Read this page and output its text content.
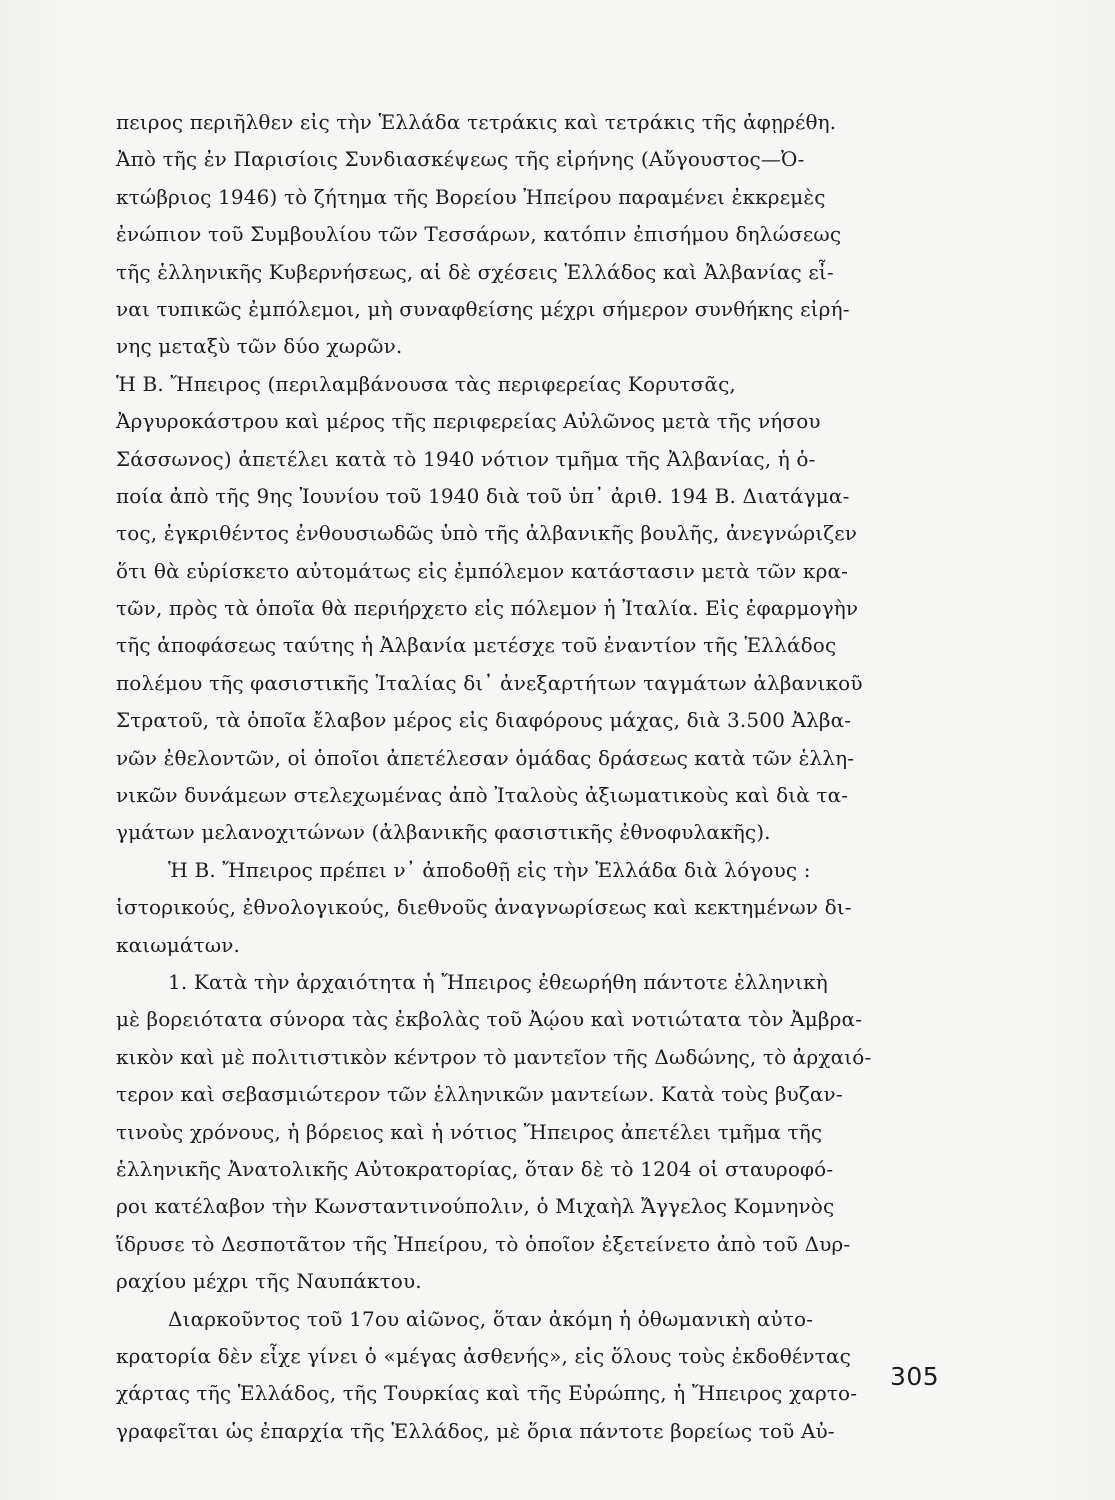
πειρος περιῆλθεν εἰς τὴν Ἑλλάδα τετράκις καὶ τετράκις τῆς ἀφῃρέθη.
Ἀπὸ τῆς ἐν Παρισίοις Συνδιασκέψεως τῆς εἰρήνης (Αὔγουστος—Ὀ-
κτώβριος 1946) τὸ ζήτημα τῆς Βορείου Ἠπείρου παραμένει ἐκκρεμὲς
ἐνώπιον τοῦ Συμβουλίου τῶν Τεσσάρων, κατόπιν ἐπισήμου δηλώσεως
τῆς ἑλληνικῆς Κυβερνήσεως, αἱ δὲ σχέσεις Ἑλλάδος καὶ Ἀλβανίας εἶ-
ναι τυπικῶς ἐμπόλεμοι, μὴ συναφθείσης μέχρι σήμερον συνθήκης εἰρή-
νης μεταξὺ τῶν δύο χωρῶν.
Ἡ Β. Ἤπειρος (περιλαμβάνουσα τὰς περιφερείας Κορυτσᾶς,
Ἀργυροκάστρου καὶ μέρος τῆς περιφερείας Αὐλῶνος μετὰ τῆς νήσου
Σάσσωνος) ἀπετέλει κατὰ τὸ 1940 νότιον τμῆμα τῆς Ἀλβανίας, ἡ ὁ-
ποία ἀπὸ τῆς 9ης Ἰουνίου τοῦ 1940 διὰ τοῦ ὑπ᾽ ἀριθ. 194 Β. Διατάγμα-
τος, ἐγκριθέντος ἐνθουσιωδῶς ὑπὸ τῆς ἀλβανικῆς βουλῆς, ἀνεγνώριζεν
ὅτι θὰ εὑρίσκετο αὐτομάτως εἰς ἐμπόλεμον κατάστασιν μετὰ τῶν κρα-
τῶν, πρὸς τὰ ὁποῖα θὰ περιήρχετο εἰς πόλεμον ἡ Ἰταλία. Εἰς ἐφαρμογὴν
τῆς ἀποφάσεως ταύτης ἡ Ἀλβανία μετέσχε τοῦ ἐναντίον τῆς Ἑλλάδος
πολέμου τῆς φασιστικῆς Ἰταλίας δι᾽ ἀνεξαρτήτων ταγμάτων ἀλβανικοῦ
Στρατοῦ, τὰ ὁποῖα ἔλαβον μέρος εἰς διαφόρους μάχας, διὰ 3.500 Ἀλβα-
νῶν ἐθελοντῶν, οἱ ὁποῖοι ἀπετέλεσαν ὁμάδας δράσεως κατὰ τῶν ἑλλη-
νικῶν δυνάμεων στελεχωμένας ἀπὸ Ἰταλοὺς ἀξιωματικοὺς καὶ διὰ τα-
γμάτων μελανοχιτώνων (ἀλβανικῆς φασιστικῆς ἐθνοφυλακῆς).
Ἡ Β. Ἤπειρος πρέπει ν᾽ ἀποδοθῇ εἰς τὴν Ἑλλάδα διὰ λόγους :
ἱστορικούς, ἐθνολογικούς, διεθνοῦς ἀναγνωρίσεως καὶ κεκτημένων δι-
καιωμάτων.
1. Κατὰ τὴν ἀρχαιότητα ἡ Ἤπειρος ἐθεωρήθη πάντοτε ἑλληνικὴ
μὲ βορειότατα σύνορα τὰς ἐκβολὰς τοῦ Ἀῴου καὶ νοτιώτατα τὸν Ἀμβρα-
κικὸν καὶ μὲ πολιτιστικὸν κέντρον τὸ μαντεῖον τῆς Δωδώνης, τὸ ἀρχαιό-
τερον καὶ σεβασμιώτερον τῶν ἑλληνικῶν μαντείων. Κατὰ τοὺς βυζαν-
τινοὺς χρόνους, ἡ βόρειος καὶ ἡ νότιος Ἤπειρος ἀπετέλει τμῆμα τῆς
ἑλληνικῆς Ἀνατολικῆς Αὐτοκρατορίας, ὅταν δὲ τὸ 1204 οἱ σταυροφό-
ροι κατέλαβον τὴν Κωνσταντινούπολιν, ὁ Μιχαὴλ Ἄγγελος Κομνηνὸς
ἵδρυσε τὸ Δεσποτᾶτον τῆς Ἠπείρου, τὸ ὁποῖον ἐξετείνετο ἀπὸ τοῦ Δυρ-
ραχίου μέχρι τῆς Ναυπάκτου.
Διαρκοῦντος τοῦ 17ου αἰῶνος, ὅταν ἀκόμη ἡ ὀθωμανικὴ αὐτο-
κρατορία δὲν εἶχε γίνει ὁ «μέγας ἀσθενής», εἰς ὅλους τοὺς ἐκδοθέντας
χάρτας τῆς Ἑλλάδος, τῆς Τουρκίας καὶ τῆς Εὐρώπης, ἡ Ἤπειρος χαρτο-
γραφεῖται ὡς ἐπαρχία τῆς Ἑλλάδος, μὲ ὅρια πάντοτε βορείως τοῦ Αὐ-
305
